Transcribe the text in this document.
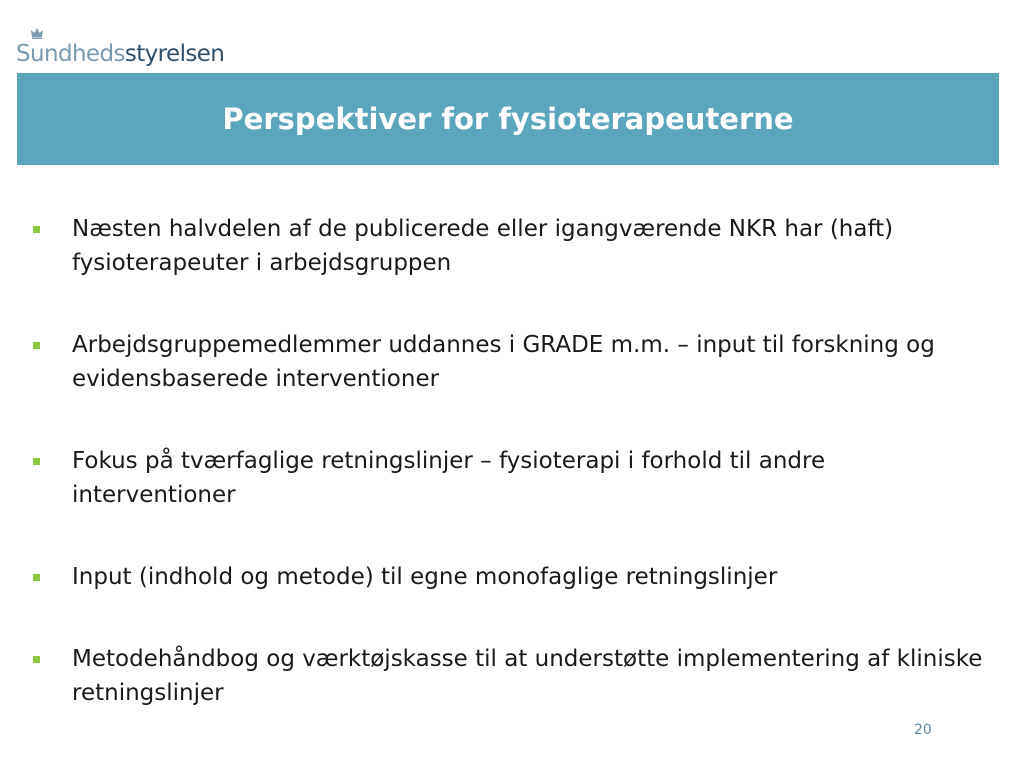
Sundhedsstyrelsen
Perspektiver for fysioterapeuterne
Næsten halvdelen af de publicerede eller igangværende NKR har (haft) fysioterapeuter i arbejdsgruppen
Arbejdsgruppemedlemmer uddannes i GRADE m.m. – input til forskning og evidensbaserede interventioner
Fokus på tværfaglige retningslinjer – fysioterapi i forhold til andre interventioner
Input (indhold og metode) til egne monofaglige retningslinjer
Metodehåndbog og værktøjskasse til at understøtte implementering af kliniske retningslinjer
20
